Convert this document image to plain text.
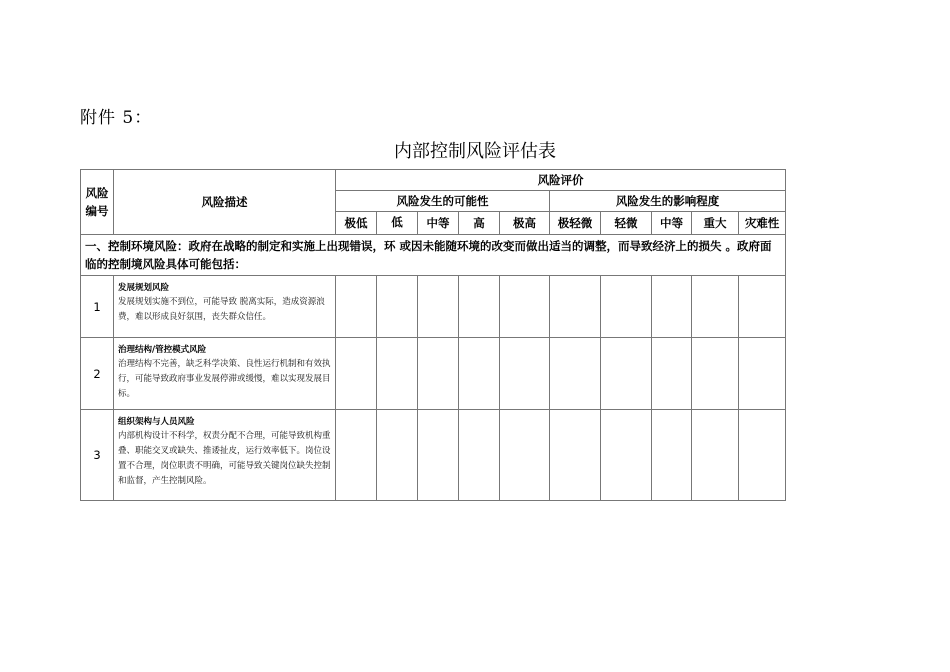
附件 5：
内部控制风险评估表
风险编号	风险描述	风险评价									
		风险发生的可能性					风险发生的影响程度				
		极低	低	中等	高	极高	极轻微	轻微	中等	重大	灾难性
一、控制环境风险：政府在战略的制定和实施上出现错误，环 或因未能随环境的改变而做出适当的调整，而导致经济上的损失 。政府面临的控制境风险具体可能包括：											
1	发展规划风险
发展规划实施不到位，可能导致 脱离实际，造成资源浪费，难以形成良好氛围，丧失群众信任。										

2	治理结构/管控模式风险
治理结构不完善，缺乏科学决策、良性运行机制和有效执行，可能导致政府事业发展停滞或缓慢，难以实现发展目标。										

3	组织架构与人员风险
内部机构设计不科学，权责分配不合理，可能导致机构重叠、职能交叉或缺失、推诿扯皮，运行效率低下。岗位设置不合理，岗位职责不明确，可能导致关键岗位缺失控制和监督，产生控制风险。										
